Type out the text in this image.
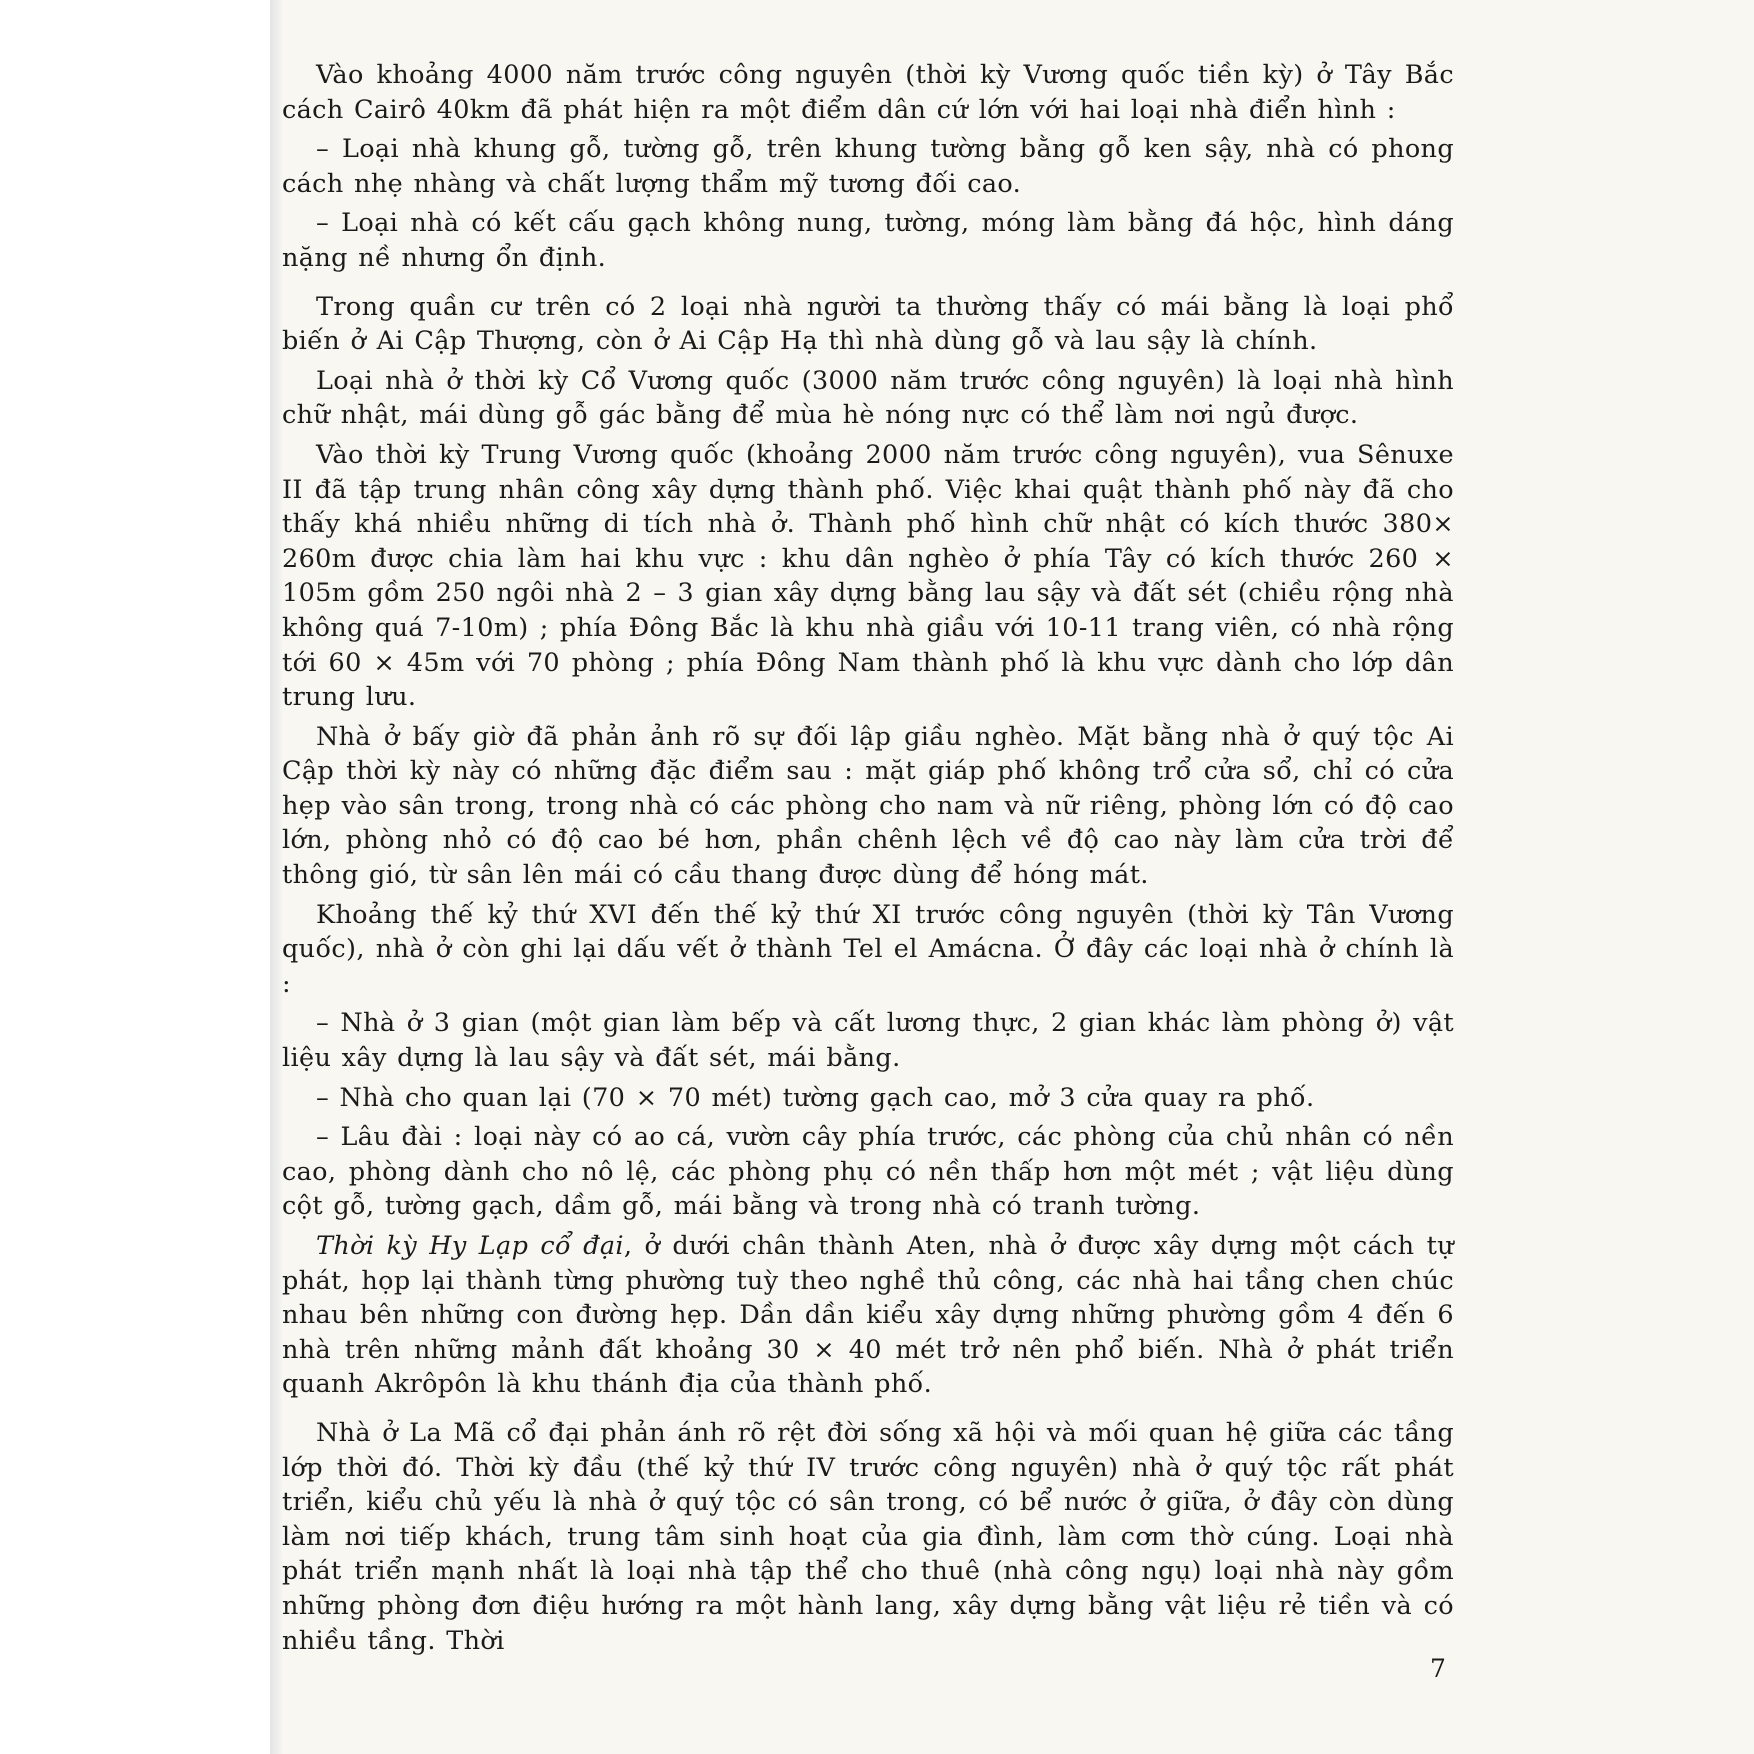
Vào khoảng 4000 năm trước công nguyên (thời kỳ Vương quốc tiền kỳ) ở Tây Bắc cách Cairô 40km đã phát hiện ra một điểm dân cứ lớn với hai loại nhà điển hình :

– Loại nhà khung gỗ, tường gỗ, trên khung tường bằng gỗ ken sậy, nhà có phong cách nhẹ nhàng và chất lượng thẩm mỹ tương đối cao.

– Loại nhà có kết cấu gạch không nung, tường, móng làm bằng đá hộc, hình dáng nặng nề nhưng ổn định.

Trong quần cư trên có 2 loại nhà người ta thường thấy có mái bằng là loại phổ biến ở Ai Cập Thượng, còn ở Ai Cập Hạ thì nhà dùng gỗ và lau sậy là chính.

Loại nhà ở thời kỳ Cổ Vương quốc (3000 năm trước công nguyên) là loại nhà hình chữ nhật, mái dùng gỗ gác bằng để mùa hè nóng nực có thể làm nơi ngủ được.

Vào thời kỳ Trung Vương quốc (khoảng 2000 năm trước công nguyên), vua Sênuxe II đã tập trung nhân công xây dựng thành phố. Việc khai quật thành phố này đã cho thấy khá nhiều những di tích nhà ở. Thành phố hình chữ nhật có kích thước 380× 260m được chia làm hai khu vực : khu dân nghèo ở phía Tây có kích thước 260 × 105m gồm 250 ngôi nhà 2 – 3 gian xây dựng bằng lau sậy và đất sét (chiều rộng nhà không quá 7-10m) ; phía Đông Bắc là khu nhà giầu với 10-11 trang viên, có nhà rộng tới 60 × 45m với 70 phòng ; phía Đông Nam thành phố là khu vực dành cho lớp dân trung lưu.

Nhà ở bấy giờ đã phản ảnh rõ sự đối lập giầu nghèo. Mặt bằng nhà ở quý tộc Ai Cập thời kỳ này có những đặc điểm sau : mặt giáp phố không trổ cửa sổ, chỉ có cửa hẹp vào sân trong, trong nhà có các phòng cho nam và nữ riêng, phòng lớn có độ cao lớn, phòng nhỏ có độ cao bé hơn, phần chênh lệch về độ cao này làm cửa trời để thông gió, từ sân lên mái có cầu thang được dùng để hóng mát.

Khoảng thế kỷ thứ XVI đến thế kỷ thứ XI trước công nguyên (thời kỳ Tân Vương quốc), nhà ở còn ghi lại dấu vết ở thành Tel el Amácna. Ở đây các loại nhà ở chính là :

– Nhà ở 3 gian (một gian làm bếp và cất lương thực, 2 gian khác làm phòng ở) vật liệu xây dựng là lau sậy và đất sét, mái bằng.

– Nhà cho quan lại (70 × 70 mét) tường gạch cao, mở 3 cửa quay ra phố.

– Lâu đài : loại này có ao cá, vườn cây phía trước, các phòng của chủ nhân có nền cao, phòng dành cho nô lệ, các phòng phụ có nền thấp hơn một mét ; vật liệu dùng cột gỗ, tường gạch, dầm gỗ, mái bằng và trong nhà có tranh tường.

Thời kỳ Hy Lạp cổ đại, ở dưới chân thành Aten, nhà ở được xây dựng một cách tự phát, họp lại thành từng phường tuỳ theo nghề thủ công, các nhà hai tầng chen chúc nhau bên những con đường hẹp. Dần dần kiểu xây dựng những phường gồm 4 đến 6 nhà trên những mảnh đất khoảng 30 × 40 mét trở nên phổ biến. Nhà ở phát triển quanh Akrôpôn là khu thánh địa của thành phố.

Nhà ở La Mã cổ đại phản ánh rõ rệt đời sống xã hội và mối quan hệ giữa các tầng lớp thời đó. Thời kỳ đầu (thế kỷ thứ IV trước công nguyên) nhà ở quý tộc rất phát triển, kiểu chủ yếu là nhà ở quý tộc có sân trong, có bể nước ở giữa, ở đây còn dùng làm nơi tiếp khách, trung tâm sinh hoạt của gia đình, làm cơm thờ cúng. Loại nhà phát triển mạnh nhất là loại nhà tập thể cho thuê (nhà công ngụ) loại nhà này gồm những phòng đơn điệu hướng ra một hành lang, xây dựng bằng vật liệu rẻ tiền và có nhiều tầng. Thời

7
